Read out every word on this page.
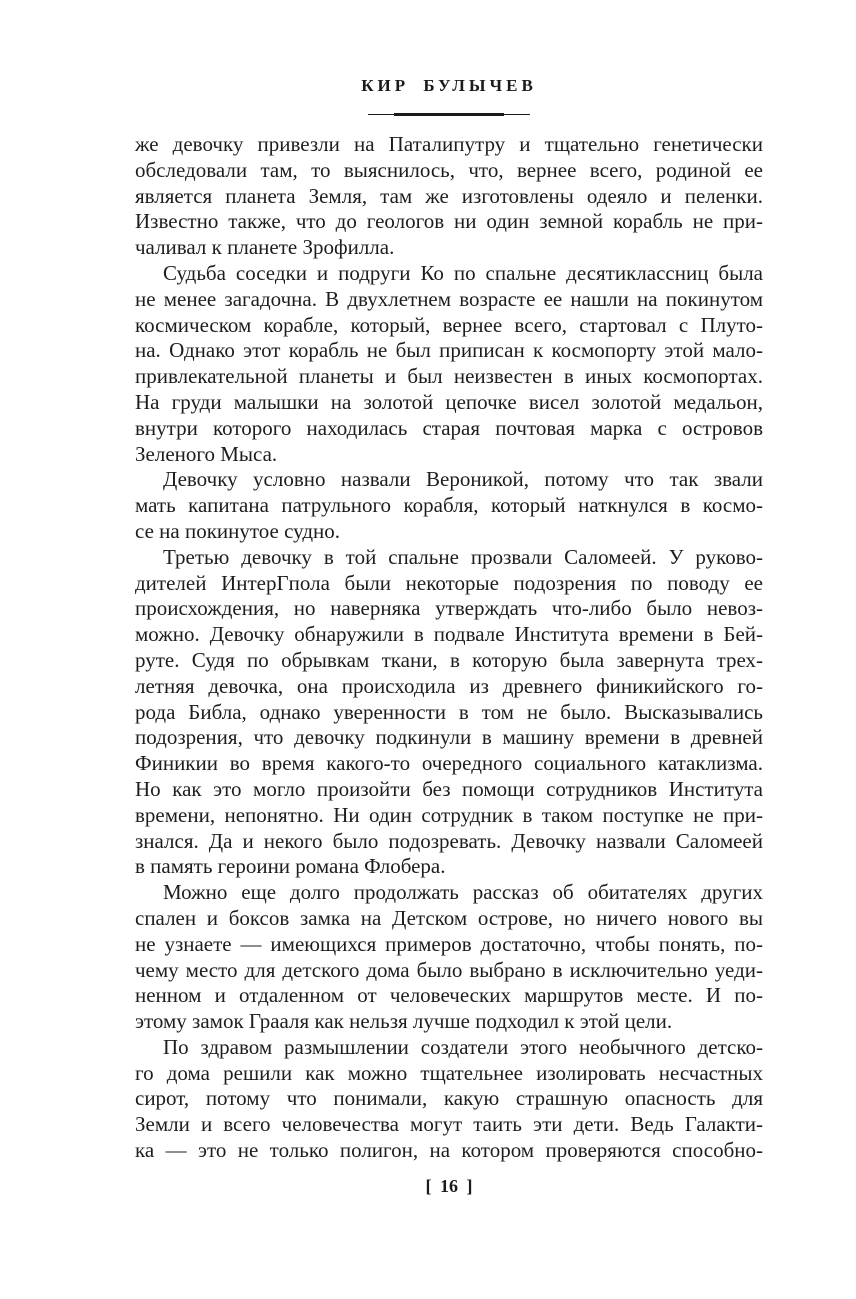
КИР БУЛЫЧЕВ
же девочку привезли на Паталипутру и тщательно генетически
обследовали там, то выяснилось, что, вернее всего, родиной ее
является планета Земля, там же изготовлены одеяло и пеленки.
Известно также, что до геологов ни один земной корабль не при-
чаливал к планете Зрофилла.
Судьба соседки и подруги Ко по спальне десятиклассниц была
не менее загадочна. В двухлетнем возрасте ее нашли на покинутом
космическом корабле, который, вернее всего, стартовал с Плуто-
на. Однако этот корабль не был приписан к космопорту этой мало-
привлекательной планеты и был неизвестен в иных космопортах.
На груди малышки на золотой цепочке висел золотой медальон,
внутри которого находилась старая почтовая марка с островов
Зеленого Мыса.
Девочку условно назвали Вероникой, потому что так звали
мать капитана патрульного корабля, который наткнулся в космо-
се на покинутое судно.
Третью девочку в той спальне прозвали Саломеей. У руково-
дителей ИнтерГпола были некоторые подозрения по поводу ее
происхождения, но наверняка утверждать что-либо было невоз-
можно. Девочку обнаружили в подвале Института времени в Бей-
руте. Судя по обрывкам ткани, в которую была завернута трех-
летняя девочка, она происходила из древнего финикийского го-
рода Библа, однако уверенности в том не было. Высказывались
подозрения, что девочку подкинули в машину времени в древней
Финикии во время какого-то очередного социального катаклизма.
Но как это могло произойти без помощи сотрудников Института
времени, непонятно. Ни один сотрудник в таком поступке не при-
знался. Да и некого было подозревать. Девочку назвали Саломеей
в память героини романа Флобера.
Можно еще долго продолжать рассказ об обитателях других
спален и боксов замка на Детском острове, но ничего нового вы
не узнаете — имеющихся примеров достаточно, чтобы понять, по-
чему место для детского дома было выбрано в исключительно уеди-
ненном и отдаленном от человеческих маршрутов месте. И по-
этому замок Грааля как нельзя лучше подходил к этой цели.
По здравом размышлении создатели этого необычного детско-
го дома решили как можно тщательнее изолировать несчастных
сирот, потому что понимали, какую страшную опасность для
Земли и всего человечества могут таить эти дети. Ведь Галакти-
ка — это не только полигон, на котором проверяются способно-
[ 16 ]
